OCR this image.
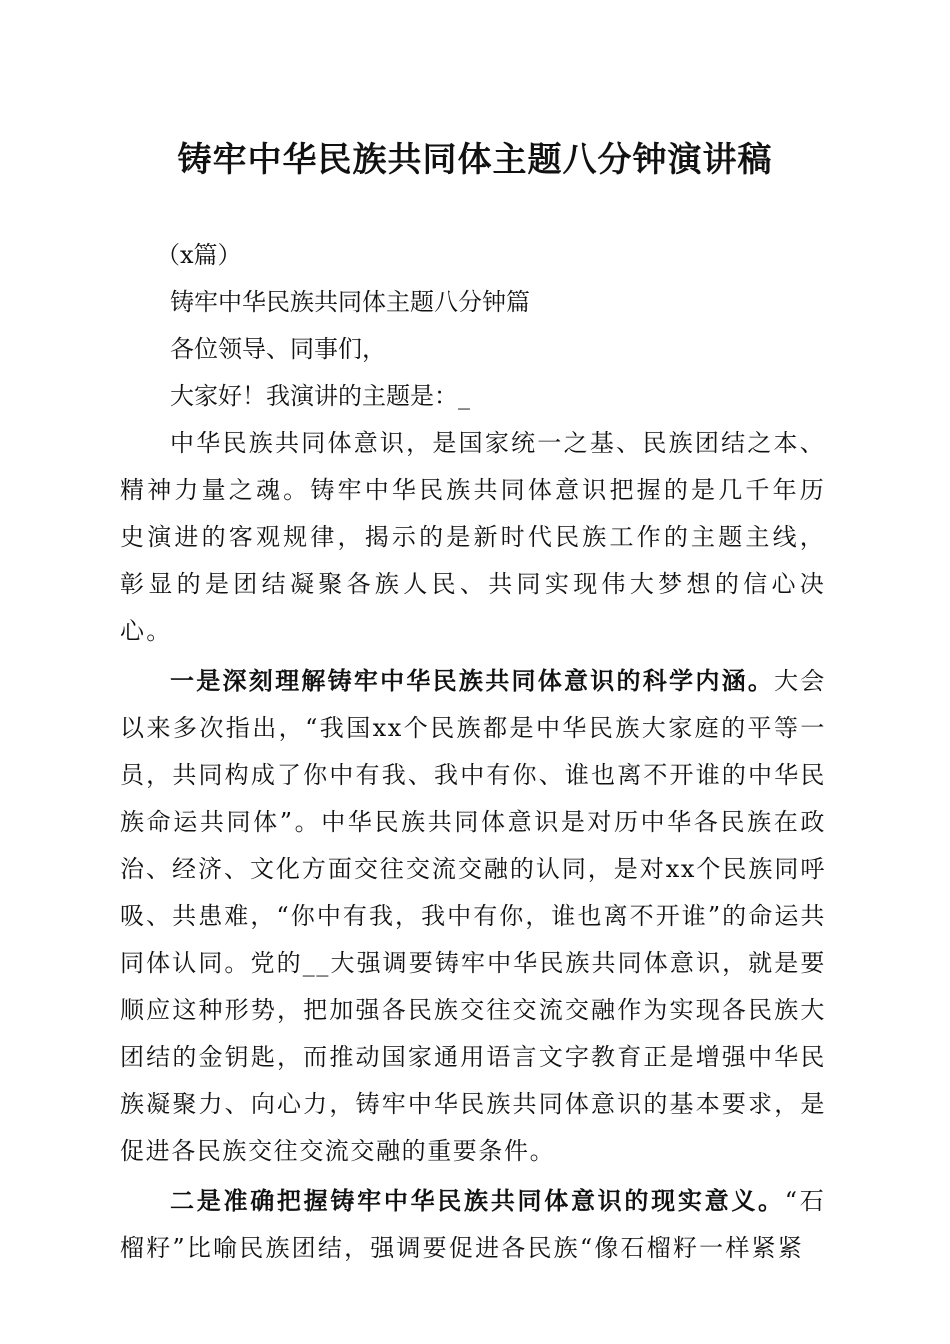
铸牢中华民族共同体主题八分钟演讲稿

（x篇）

铸牢中华民族共同体主题八分钟篇

各位领导、同事们，

大家好！我演讲的主题是：_

中华民族共同体意识，是国家统一之基、民族团结之本、精神力量之魂。铸牢中华民族共同体意识把握的是几千年历史演进的客观规律，揭示的是新时代民族工作的主题主线，彰显的是团结凝聚各族人民、共同实现伟大梦想的信心决心。

一是深刻理解铸牢中华民族共同体意识的科学内涵。大会以来多次指出，“我国xx个民族都是中华民族大家庭的平等一员，共同构成了你中有我、我中有你、谁也离不开谁的中华民族命运共同体”。中华民族共同体意识是对历中华各民族在政治、经济、文化方面交往交流交融的认同，是对xx个民族同呼吸、共患难，“你中有我，我中有你，谁也离不开谁”的命运共同体认同。党的__大强调要铸牢中华民族共同体意识，就是要顺应这种形势，把加强各民族交往交流交融作为实现各民族大团结的金钥匙，而推动国家通用语言文字教育正是增强中华民族凝聚力、向心力，铸牢中华民族共同体意识的基本要求，是促进各民族交往交流交融的重要条件。

二是准确把握铸牢中华民族共同体意识的现实意义。“石榴籽”比喻民族团结，强调要促进各民族“像石榴籽一样紧紧
